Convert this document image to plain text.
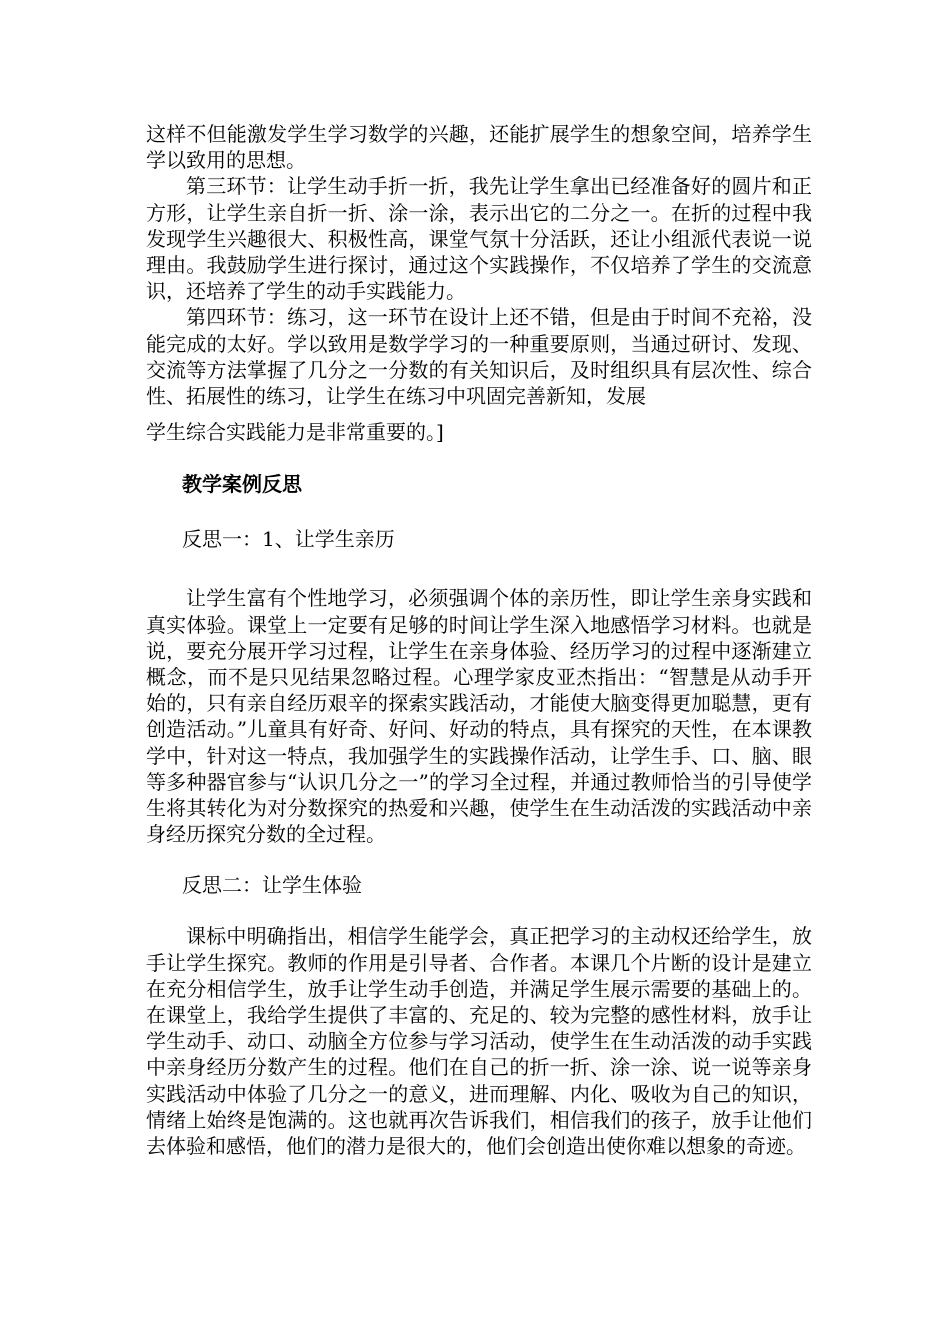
这样不但能激发学生学习数学的兴趣，还能扩展学生的想象空间，培养学生学以致用的思想。

第三环节：让学生动手折一折，我先让学生拿出已经准备好的圆片和正方形，让学生亲自折一折、涂一涂，表示出它的二分之一。在折的过程中我发现学生兴趣很大、积极性高，课堂气氛十分活跃，还让小组派代表说一说理由。我鼓励学生进行探讨，通过这个实践操作，不仅培养了学生的交流意识，还培养了学生的动手实践能力。

第四环节：练习，这一环节在设计上还不错，但是由于时间不充裕，没能完成的太好。学以致用是数学学习的一种重要原则，当通过研讨、发现、交流等方法掌握了几分之一分数的有关知识后，及时组织具有层次性、综合性、拓展性的练习，让学生在练习中巩固完善新知，发展

学生综合实践能力是非常重要的。]

教学案例反思
反思一：1、让学生亲历

让学生富有个性地学习，必须强调个体的亲历性，即让学生亲身实践和真实体验。课堂上一定要有足够的时间让学生深入地感悟学习材料。也就是说，要充分展开学习过程，让学生在亲身体验、经历学习的过程中逐渐建立概念，而不是只见结果忽略过程。心理学家皮亚杰指出：“智慧是从动手开始的，只有亲自经历艰辛的探索实践活动，才能使大脑变得更加聪慧，更有创造活动。”儿童具有好奇、好问、好动的特点，具有探究的天性，在本课教学中，针对这一特点，我加强学生的实践操作活动，让学生手、口、脑、眼等多种器官参与“认识几分之一”的学习全过程，并通过教师恰当的引导使学生将其转化为对分数探究的热爱和兴趣，使学生在生动活泼的实践活动中亲身经历探究分数的全过程。

反思二：让学生体验

课标中明确指出，相信学生能学会，真正把学习的主动权还给学生，放手让学生探究。教师的作用是引导者、合作者。本课几个片断的设计是建立在充分相信学生，放手让学生动手创造，并满足学生展示需要的基础上的。在课堂上，我给学生提供了丰富的、充足的、较为完整的感性材料，放手让学生动手、动口、动脑全方位参与学习活动，使学生在生动活泼的动手实践中亲身经历分数产生的过程。他们在自己的折一折、涂一涂、说一说等亲身实践活动中体验了几分之一的意义，进而理解、内化、吸收为自己的知识，情绪上始终是饱满的。这也就再次告诉我们，相信我们的孩子，放手让他们去体验和感悟，他们的潜力是很大的，他们会创造出使你难以想象的奇迹。
